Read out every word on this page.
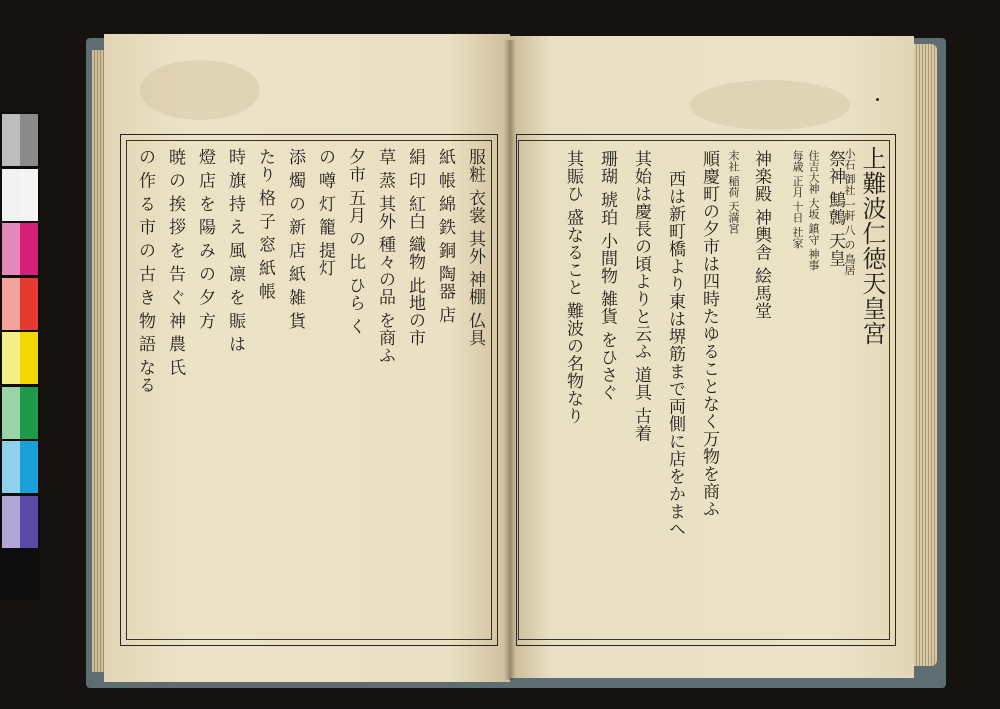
上難波仁徳天皇宮
小石 御社 一軒 八 の 鳥居
祭神 鷦鷯 天皇
住吉大神 大坂 鎮守 神事
每歳 正月 十日 社家
神楽殿 神輿舎 絵馬堂
末社 稲荷 天満宮
順慶町の夕市は四時たゆることなく万物を商ふ
西は新町橋より東は堺筋まで両側に店をかまへ
其始は慶長の頃よりと云ふ 道具 古着
珊瑚 琥珀 小間物 雑貨 をひさぐ
其賑ひ 盛なること 難波の名物なり
服粧 衣裳 其外 神棚 仏具
紙 帳 綿 鉄 銅 陶器 店
絹 印 紅白 織物 此地の市
草 蒸 其外 種々の品 を商ふ
夕市 五月 の 比 ひら く
の 噂 灯 籠 提灯
添 燭 の 新 店 紙 雑 貨
たり 格 子 窓 紙 帳
時 旗 持 え 風 凛 を 賑 は
燈 店 を 陽 み の 夕 方
暁 の 挨 拶 を 告 ぐ 神 農 氏
の 作 る 市 の 古 き 物 語 なる
